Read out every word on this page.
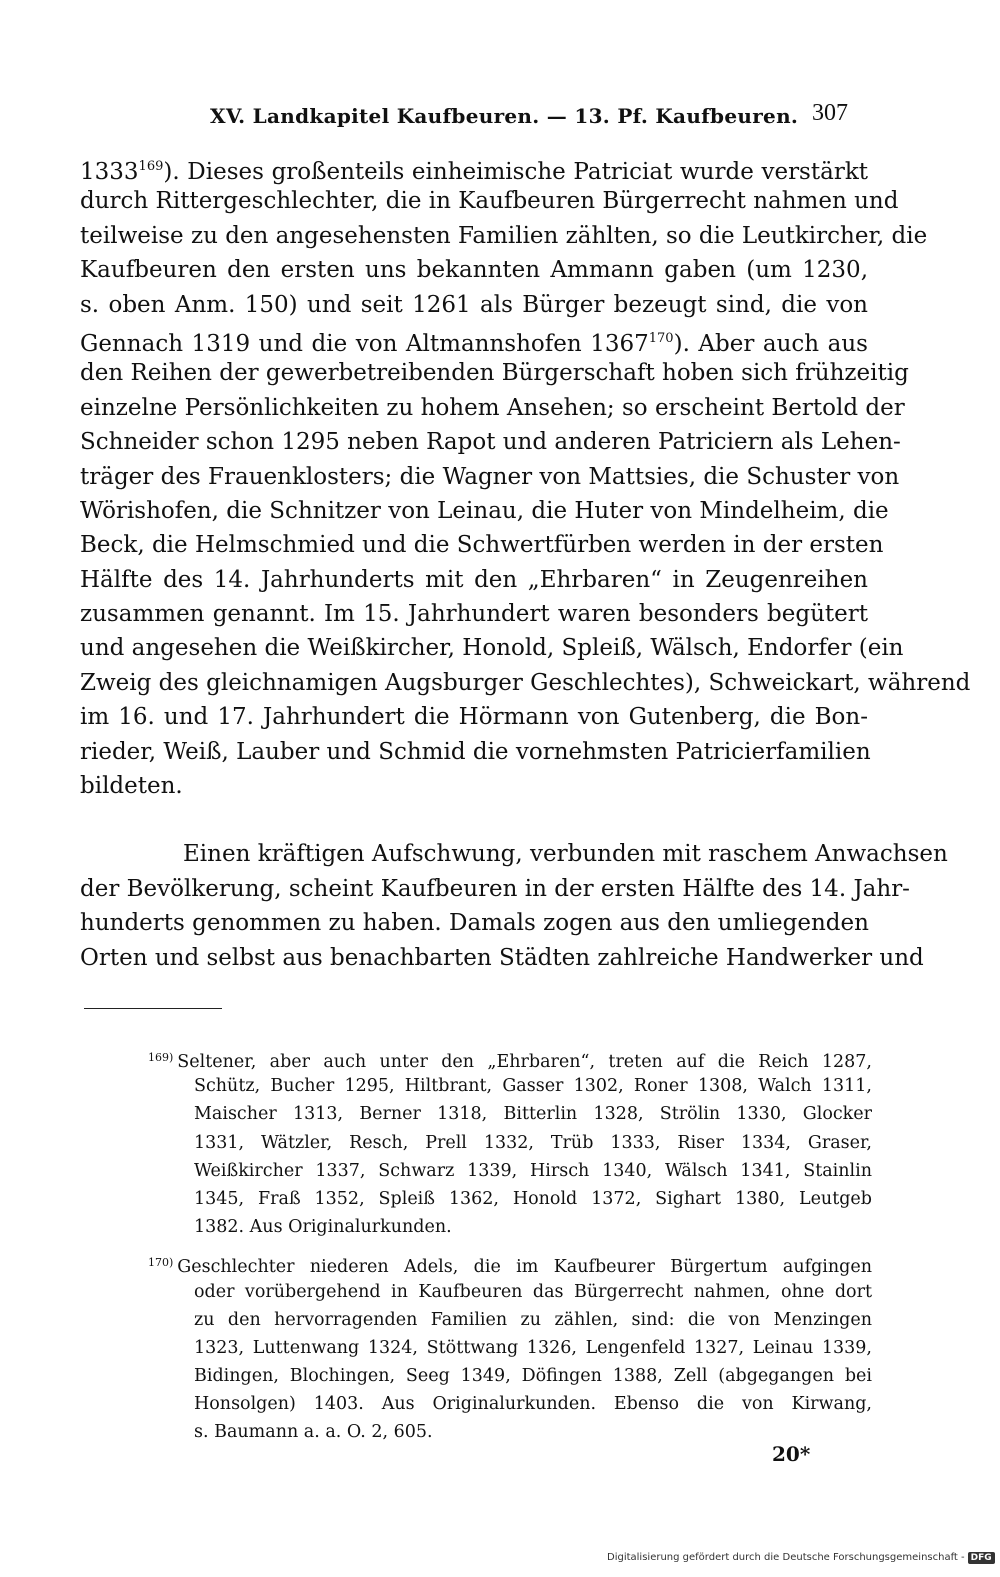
XV. Landkapitel Kaufbeuren. — 13. Pf. Kaufbeuren. 307
1333$^{169}$). Dieses großenteils einheimische Patriciat wurde verstärkt
durch Rittergeschlechter, die in Kaufbeuren Bürgerrecht nahmen und
teilweise zu den angesehensten Familien zählten, so die Leutkircher, die
Kaufbeuren den ersten uns bekannten Ammann gaben (um 1230,
s. oben Anm. 150) und seit 1261 als Bürger bezeugt sind, die von
Gennach 1319 und die von Altmannshofen 1367$^{170}$). Aber auch aus
den Reihen der gewerbetreibenden Bürgerschaft hoben sich frühzeitig
einzelne Persönlichkeiten zu hohem Ansehen; so erscheint Bertold der
Schneider schon 1295 neben Rapot und anderen Patriciern als Lehen-
träger des Frauenklosters; die Wagner von Mattsies, die Schuster von
Wörishofen, die Schnitzer von Leinau, die Huter von Mindelheim, die
Beck, die Helmschmied und die Schwertfürben werden in der ersten
Hälfte des 14. Jahrhunderts mit den „Ehrbaren“ in Zeugenreihen
zusammen genannt. Im 15. Jahrhundert waren besonders begütert
und angesehen die Weißkircher, Honold, Spleiß, Wälsch, Endorfer (ein
Zweig des gleichnamigen Augsburger Geschlechtes), Schweickart, während
im 16. und 17. Jahrhundert die Hörmann von Gutenberg, die Bon-
rieder, Weiß, Lauber und Schmid die vornehmsten Patricierfamilien
bildeten.
Einen kräftigen Aufschwung, verbunden mit raschem Anwachsen
der Bevölkerung, scheint Kaufbeuren in der ersten Hälfte des 14. Jahr-
hunderts genommen zu haben. Damals zogen aus den umliegenden
Orten und selbst aus benachbarten Städten zahlreiche Handwerker und
$^{169)}$ Seltener, aber auch unter den „Ehrbaren“, treten auf die Reich 1287,
Schütz, Bucher 1295, Hiltbrant, Gasser 1302, Roner 1308, Walch 1311,
Maischer 1313, Berner 1318, Bitterlin 1328, Strölin 1330, Glocker
1331, Wätzler, Resch, Prell 1332, Trüb 1333, Riser 1334, Graser,
Weißkircher 1337, Schwarz 1339, Hirsch 1340, Wälsch 1341, Stainlin
1345, Fraß 1352, Spleiß 1362, Honold 1372, Sighart 1380, Leutgeb
1382. Aus Originalurkunden.
$^{170)}$ Geschlechter niederen Adels, die im Kaufbeurer Bürgertum aufgingen
oder vorübergehend in Kaufbeuren das Bürgerrecht nahmen, ohne dort
zu den hervorragenden Familien zu zählen, sind: die von Menzingen
1323, Luttenwang 1324, Stöttwang 1326, Lengenfeld 1327, Leinau 1339,
Bidingen, Blochingen, Seeg 1349, Döfingen 1388, Zell (abgegangen bei
Honsolgen) 1403. Aus Originalurkunden. Ebenso die von Kirwang,
s. Baumann a. a. O. 2, 605.
20*
Digitalisierung gefördert durch die Deutsche Forschungsgemeinschaft - DFG
